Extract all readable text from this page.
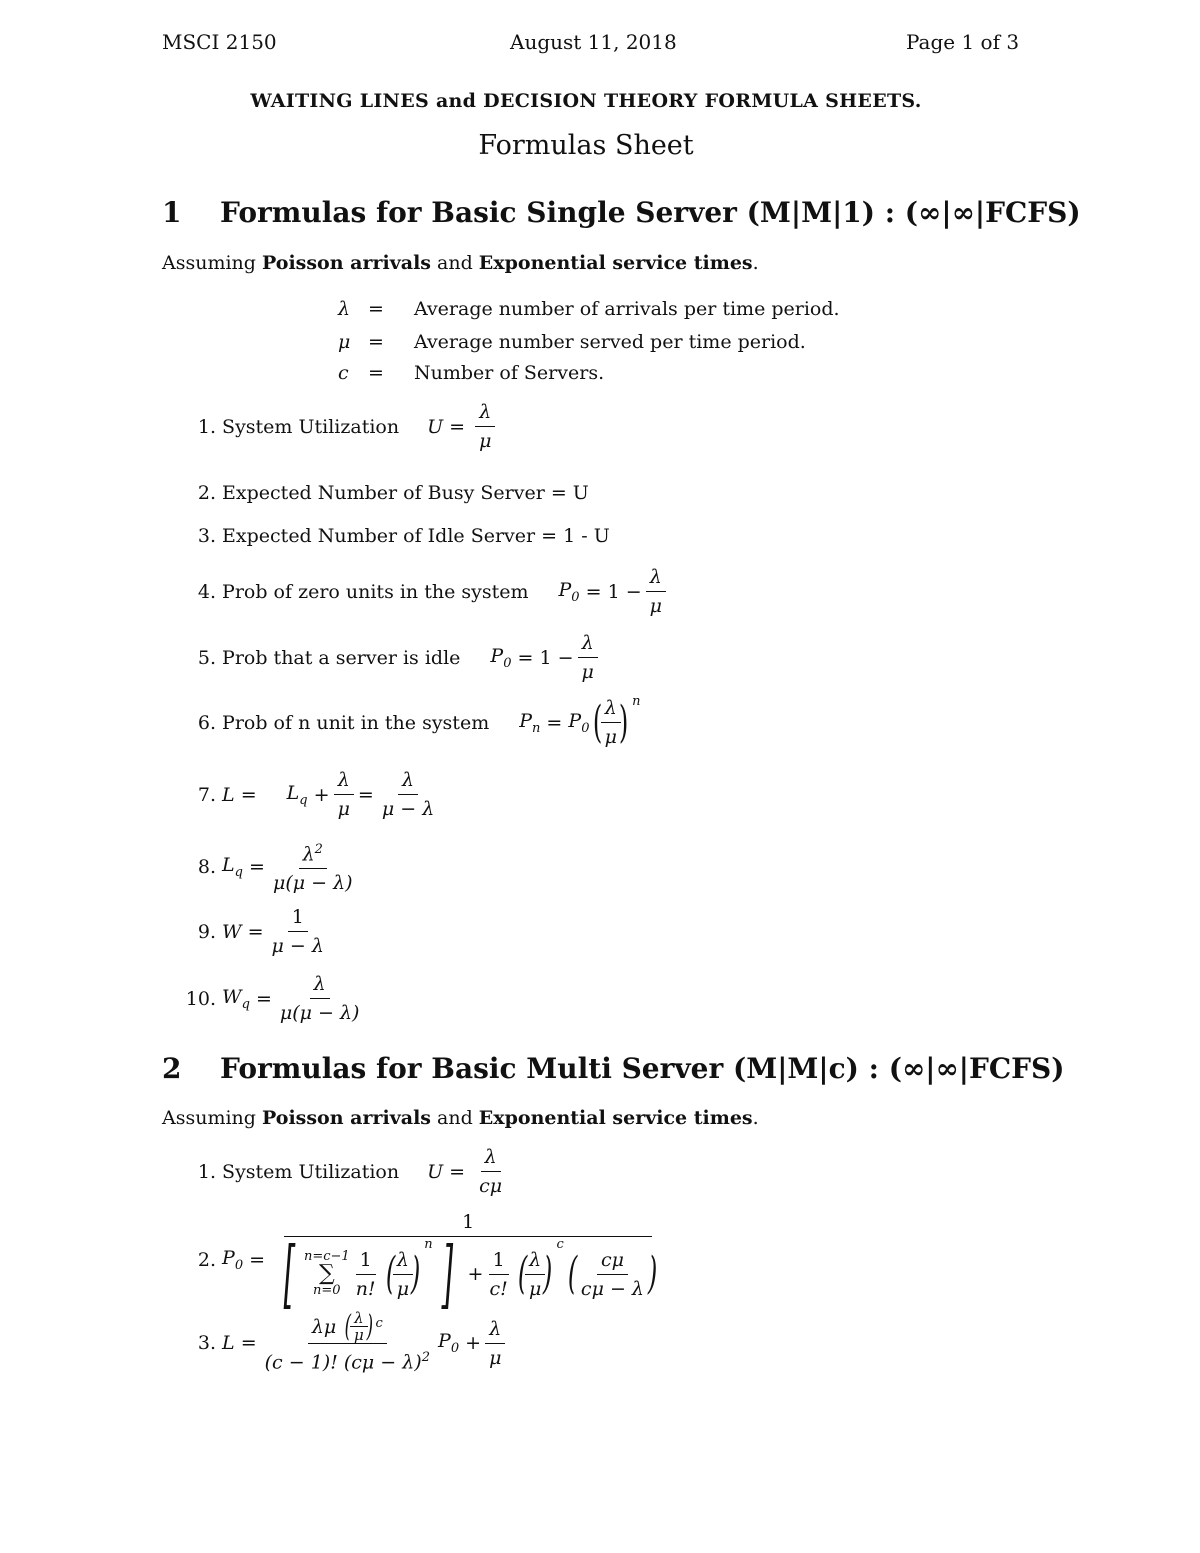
MSCI 2150	August 11, 2018	Page 1 of 3
WAITING LINES and DECISION THEORY FORMULA SHEETS.
Formulas Sheet
1 Formulas for Basic Single Server (M|M|1) : (∞|∞|FCFS)
Assuming Poisson arrivals and Exponential service times.
λ = Average number of arrivals per time period.
μ = Average number served per time period.
c = Number of Servers.
1.
System Utilization $U = \frac{\lambda}{\mu}$
2.
Expected Number of Busy Server = U
3.
Expected Number of Idle Server = 1 - U
4.
Prob of zero units in the system $P_0 = 1 - \frac{\lambda}{\mu}$
5.
Prob that a server is idle $P_0 = 1 - \frac{\lambda}{\mu}$
6.
Prob of n unit in the system $P_n = P_0$ (
$\frac{\lambda}{\mu}$
) $^n$
7.
$L = L_q + \frac{\lambda}{\mu} = \frac{\lambda}{\mu - \lambda}$
8.
$L_q = \frac{\lambda^2}{\mu(\mu - \lambda)}$
9.
$W = \frac{1}{\mu - \lambda}$
10.
$W_q = \frac{\lambda}{\mu(\mu - \lambda)}$
2 Formulas for Basic Multi Server (M|M|c) : (∞|∞|FCFS)
Assuming Poisson arrivals and Exponential service times.
1.
System Utilization $U = \frac{\lambda}{c\mu}$
2.
$P_0$ =
1
[ n=c−1
∑
$n=0 \frac{1}{n!}$ (
$\frac{\lambda}{\mu}$
)
n ] + $\frac{1}{c!}$ (
$\frac{\lambda}{\mu}$
)
c
( $\frac{c\mu}{c\mu - \lambda}$ )
3.
L = λμ (
$\frac{\lambda}{\mu}$
) c
(c − 1)! $(c\mu - \lambda)^2$ $P_0 + \frac{\lambda}{\mu}$
